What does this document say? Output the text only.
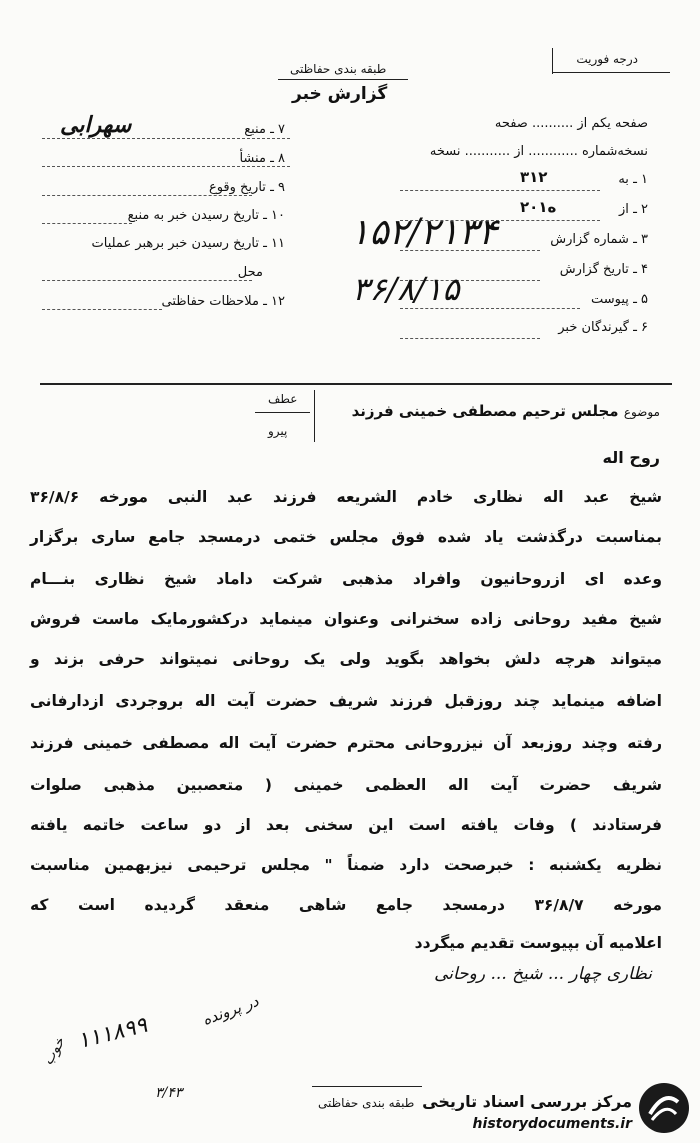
درجه فوریت
طبقه بندی حفاظتی
گزارش خبر
صفحه یکم از .......... صفحه
نسخه‌شماره ............ از ........... نسخه
۷ ـ منبع
سهرابی
۸ ـ منشأ
۹ ـ تاریخ وقوع
۱۰ ـ تاریخ رسیدن خبر به منبع
۱۱ ـ تاریخ رسیدن خبر برهبر عملیات
محل
۱۲ ـ ملاحظات حفاظتی
۱ ـ به
۳۱۲
۲ ـ از
۲۰ه۱
۳ ـ شماره گزارش
۴ ـ تاریخ گزارش
۵ ـ پیوست
۶ ـ گیرندگان خبر
۱۵۲/۲۱۳۴
۳۶/۸/۱۵
عطف
پیرو
موضوع مجلس ترحیم مصطفی خمینی فرزند
روح اله
شیخ عبد اله نظاری خادم الشریعه فرزند عبد النبی مورخه ۳۶/۸/۶
بمناسبت درگذشت یاد شده فوق مجلس ختمی درمسجد جامع ساری برگزار
وعده ای ازروحانیون وافراد مذهبی شرکت داماد شیخ نظاری بنـــام
شیخ مفید روحانی زاده سخنرانی وعنوان مینماید درکشورمایک ماست فروش
میتواند هرچه دلش بخواهد بگوید ولی یک روحانی نمیتواند حرفی بزند و
اضافه مینماید چند روزقبل فرزند شریف حضرت آیت اله بروجردی ازدارفانی
رفته وچند روزبعد آن نیزروحانی محترم حضرت آیت اله مصطفی خمینی فرزند
شریف حضرت آیت اله العظمی خمینی ( متعصبین مذهبی صلوات
فرستادند ) وفات یافته است این سخنی بعد از دو ساعت خاتمه یافته
نظریه یکشنبه : خبرصحت دارد ضمناً " مجلس ترحیمی نیزبهمین مناسبت
مورخه ۳۶/۸/۷ درمسجد جامع شاهی منعقد گردیده است که
اعلامیه آن بپیوست تقدیم میگردد
نظاری چهار ... شیخ ... روحانی
۱۱۱۸۹۹
در پرونده
۳/۴۳
خوب
طبقه بندی حفاظتی مرکز بررسی اسناد تاریخی
historydocuments.ir
